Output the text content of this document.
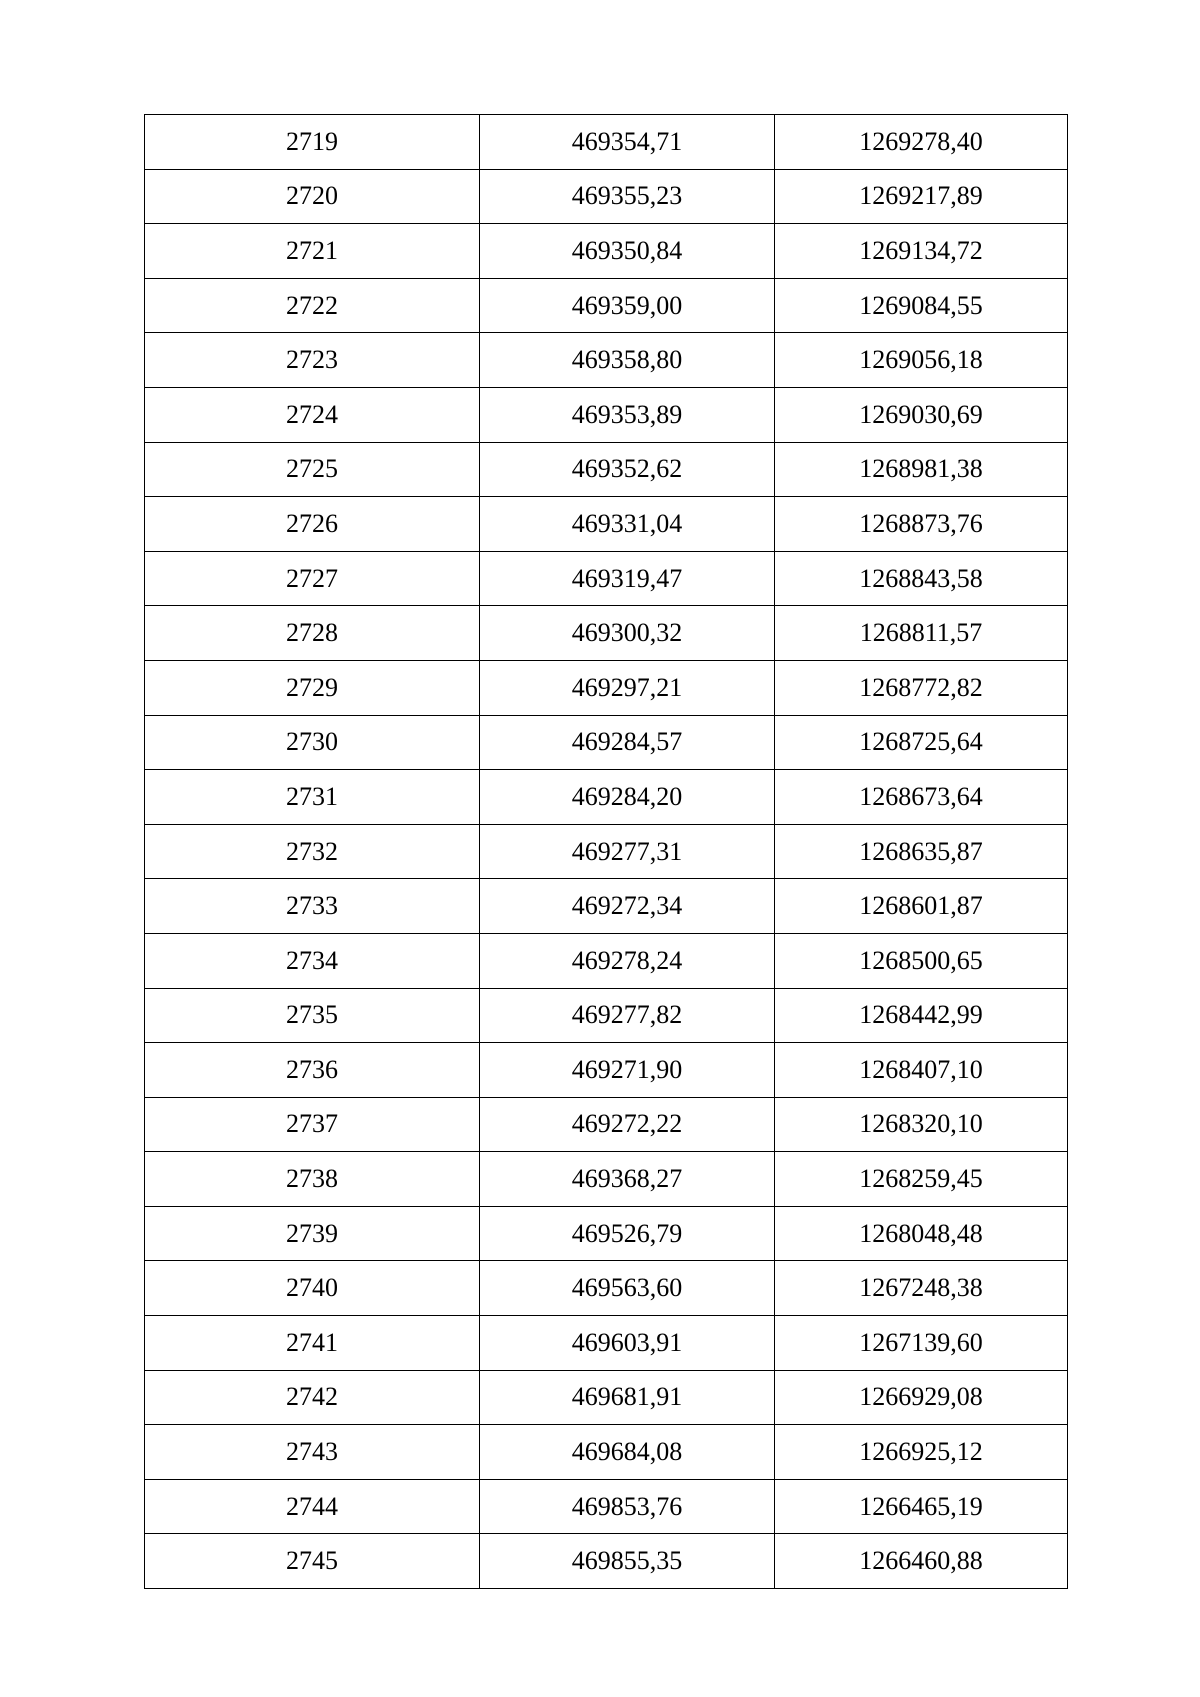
2719	469354,71	1269278,40
2720	469355,23	1269217,89
2721	469350,84	1269134,72
2722	469359,00	1269084,55
2723	469358,80	1269056,18
2724	469353,89	1269030,69
2725	469352,62	1268981,38
2726	469331,04	1268873,76
2727	469319,47	1268843,58
2728	469300,32	1268811,57
2729	469297,21	1268772,82
2730	469284,57	1268725,64
2731	469284,20	1268673,64
2732	469277,31	1268635,87
2733	469272,34	1268601,87
2734	469278,24	1268500,65
2735	469277,82	1268442,99
2736	469271,90	1268407,10
2737	469272,22	1268320,10
2738	469368,27	1268259,45
2739	469526,79	1268048,48
2740	469563,60	1267248,38
2741	469603,91	1267139,60
2742	469681,91	1266929,08
2743	469684,08	1266925,12
2744	469853,76	1266465,19
2745	469855,35	1266460,88
